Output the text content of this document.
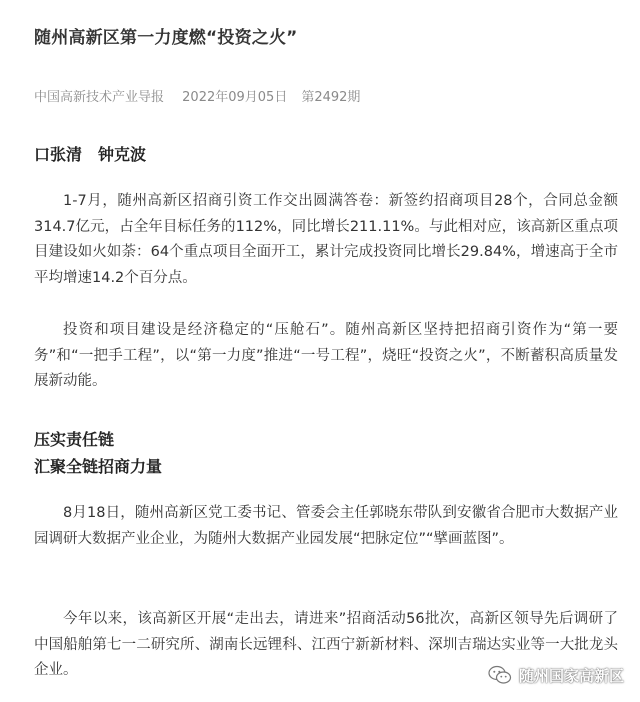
随州高新区第一力度燃“投资之火”
中国高新技术产业导报 2022年09月05日 第2492期
口张清　钟克波

1-7月，随州高新区招商引资工作交出圆满答卷：新签约招商项目28个，合同总金额314.7亿元，占全年目标任务的112%，同比增长211.11%。与此相对应，该高新区重点项目建设如火如荼：64个重点项目全面开工，累计完成投资同比增长29.84%，增速高于全市平均增速14.2个百分点。

投资和项目建设是经济稳定的“压舱石”。随州高新区坚持把招商引资作为“第一要务”和“一把手工程”，以“第一力度”推进“一号工程”，烧旺“投资之火”，不断蓄积高质量发展新动能。

压实责任链
汇聚全链招商力量

8月18日，随州高新区党工委书记、管委会主任郭晓东带队到安徽省合肥市大数据产业园调研大数据产业企业，为随州大数据产业园发展“把脉定位”“擘画蓝图”。

今年以来，该高新区开展“走出去，请进来”招商活动56批次，高新区领导先后调研了中国船舶第七一二研究所、湖南长远锂科、江西宁新新材料、深圳吉瑞达实业等一大批龙头企业。	随州国家高新区
